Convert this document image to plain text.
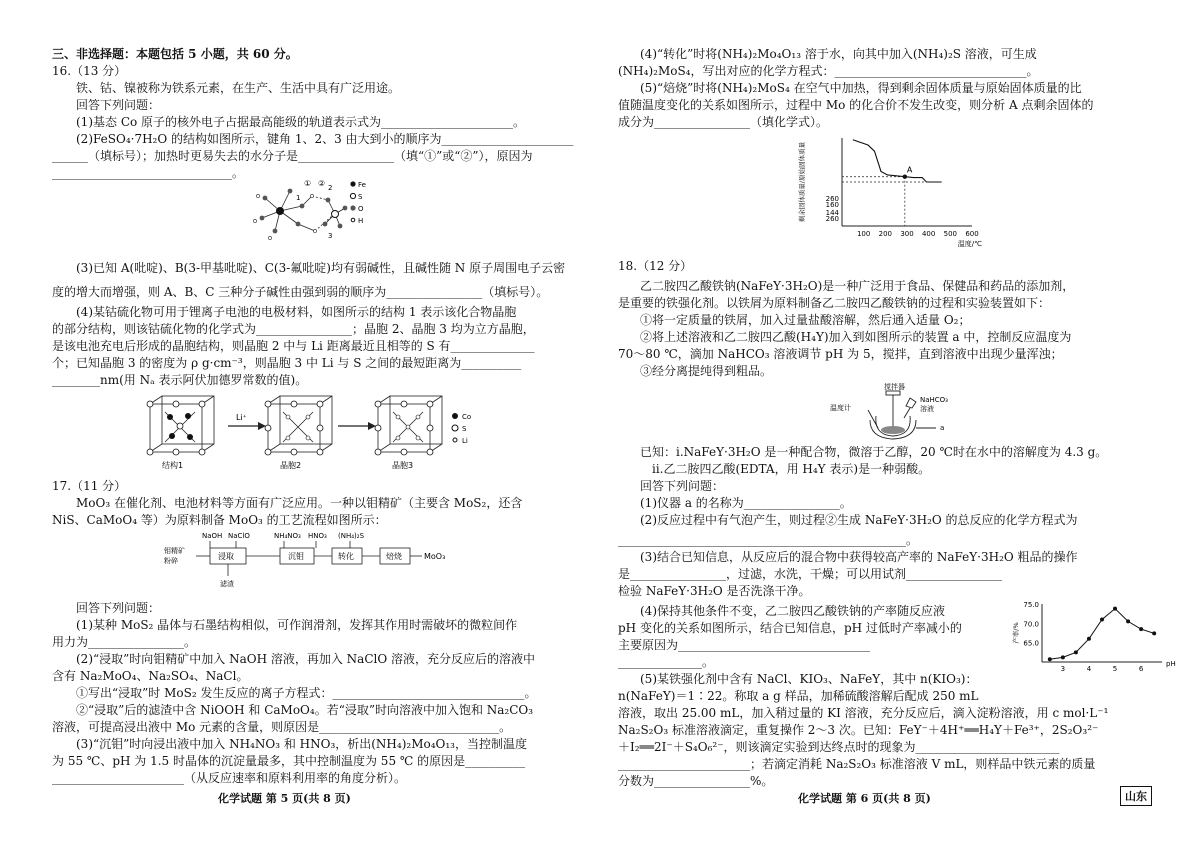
三、非选择题：本题包括 5 小题，共 60 分。
16.（13 分）
铁、钴、镍被称为铁系元素，在生产、生活中具有广泛用途。
回答下列问题：
(1)基态 Co 原子的核外电子占据最高能级的轨道表示式为______________________。
(2)FeSO₄·7H₂O 的结构如图所示，键角 1、2、3 由大到小的顺序为______________________
______（填标号）；加热时更易失去的水分子是________________（填“①”或“②”），原因为
______________________________。
① ②
1
2
3
Fe
S
O
H
(3)已知 A(吡啶)、B(3-甲基吡啶)、C(3-氟吡啶)均有弱碱性，且碱性随 N 原子周围电子云密
度的增大而增强，则 A、B、C 三种分子碱性由强到弱的顺序为________________（填标号）。
(4)某钴硫化物可用于锂离子电池的电极材料，如图所示的结构 1 表示该化合物晶胞
的部分结构，则该钴硫化物的化学式为________________；晶胞 2、晶胞 3 均为立方晶胞，
是该电池充电后形成的晶胞结构，则晶胞 2 中与 Li 距离最近且相等的 S 有______________
个；已知晶胞 3 的密度为 ρ g·cm⁻³，则晶胞 3 中 Li 与 S 之间的最短距离为__________
________nm(用 Nₐ 表示阿伏加德罗常数的值)。
Li⁺
结构1	晶胞2	晶胞3
Co
S
Li
17.（11 分）
MoO₃ 在催化剂、电池材料等方面有广泛应用。一种以钼精矿（主要含 MoS₂，还含
NiS、CaMoO₄ 等）为原料制备 MoO₃ 的工艺流程如图所示：
NaOH NaClO	NH₄NO₃ HNO₃ (NH₄)₂S
钼精矿
粉碎	浸取	沉钼	转化	焙烧	MoO₃
滤渣
回答下列问题：
(1)某种 MoS₂ 晶体与石墨结构相似，可作润滑剂，发挥其作用时需破坏的微粒间作
用力为________________。
(2)“浸取”时向钼精矿中加入 NaOH 溶液，再加入 NaClO 溶液，充分反应后的溶液中
含有 Na₂MoO₄、Na₂SO₄、NaCl。
①写出“浸取”时 MoS₂ 发生反应的离子方程式：________________________________。
②“浸取”后的滤渣中含 NiOOH 和 CaMoO₄。若“浸取”时向溶液中加入饱和 Na₂CO₃
溶液，可提高浸出液中 Mo 元素的含量，则原因是______________________________。
(3)“沉钼”时向浸出液中加入 NH₄NO₃ 和 HNO₃，析出(NH₄)₂Mo₄O₁₃，当控制温度
为 55 ℃、pH 为 1.5 时晶体的沉淀量最多，其中控制温度为 55 ℃ 的原因是__________
______________________（从反应速率和原料利用率的角度分析）。
化学试题 第 5 页(共 8 页)
(4)“转化”时将(NH₄)₂Mo₄O₁₃ 溶于水，向其中加入(NH₄)₂S 溶液，可生成
(NH₄)₂MoS₄，写出对应的化学方程式：________________________________。
(5)“焙烧”时将(NH₄)₂MoS₄ 在空气中加热，得到剩余固体质量与原始固体质量的比
值随温度变化的关系如图所示，过程中 Mo 的化合价不发生改变，则分析 A 点剩余固体的
成分为________________（填化学式）。
100 200 300 400 500 600
260
160
144
260
温度/℃
剩余固体质量/原始固体质量	A
18.（12 分）
乙二胺四乙酸铁钠(NaFeY·3H₂O)是一种广泛用于食品、保健品和药品的添加剂，
是重要的铁强化剂。以铁屑为原料制备乙二胺四乙酸铁钠的过程和实验装置如下：
①将一定质量的铁屑，加入过量盐酸溶解，然后通入适量 O₂；
②将上述溶液和乙二胺四乙酸(H₄Y)加入到如图所示的装置 a 中，控制反应温度为
70～80 ℃，滴加 NaHCO₃ 溶液调节 pH 为 5，搅拌，直到溶液中出现少量浑浊；
③经分离提纯得到粗品。
搅拌器
温度计
NaHCO₃
溶液
a
已知：ⅰ.NaFeY·3H₂O 是一种配合物，微溶于乙醇，20 ℃时在水中的溶解度为 4.3 g。
ⅱ.乙二胺四乙酸(EDTA，用 H₄Y 表示)是一种弱酸。
回答下列问题：
(1)仪器 a 的名称为________________。
(2)反应过程中有气泡产生，则过程②生成 NaFeY·3H₂O 的总反应的化学方程式为
________________________________________________。
(3)结合已知信息，从反应后的混合物中获得较高产率的 NaFeY·3H₂O 粗品的操作
是________________，过滤，水洗，干燥；可以用试剂________________
检验 NaFeY·3H₂O 是否洗涤干净。
(4)保持其他条件不变，乙二胺四乙酸铁钠的产率随反应液
pH 变化的关系如图所示，结合已知信息，pH 过低时产率减小的
主要原因为________________________________
______________。	3	4	5	6
65.0
70.0
75.0
pH
产率/%
(5)某铁强化剂中含有 NaCl、KIO₃、NaFeY，其中 n(KIO₃)：
n(NaFeY)＝1∶22。称取 a g 样品，加稀硫酸溶解后配成 250 mL
溶液，取出 25.00 mL，加入稍过量的 KI 溶液，充分反应后，滴入淀粉溶液，用 c mol·L⁻¹
Na₂S₂O₃ 标准溶液滴定，重复操作 2～3 次。已知：FeY⁻＋4H⁺══H₄Y＋Fe³⁺，2S₂O₃²⁻
＋I₂══2I⁻＋S₄O₆²⁻，则该滴定实验到达终点时的现象为________________________
______________________；若滴定消耗 Na₂S₂O₃ 标准溶液 V mL，则样品中铁元素的质量
分数为________________%。
化学试题 第 6 页(共 8 页)	山东
